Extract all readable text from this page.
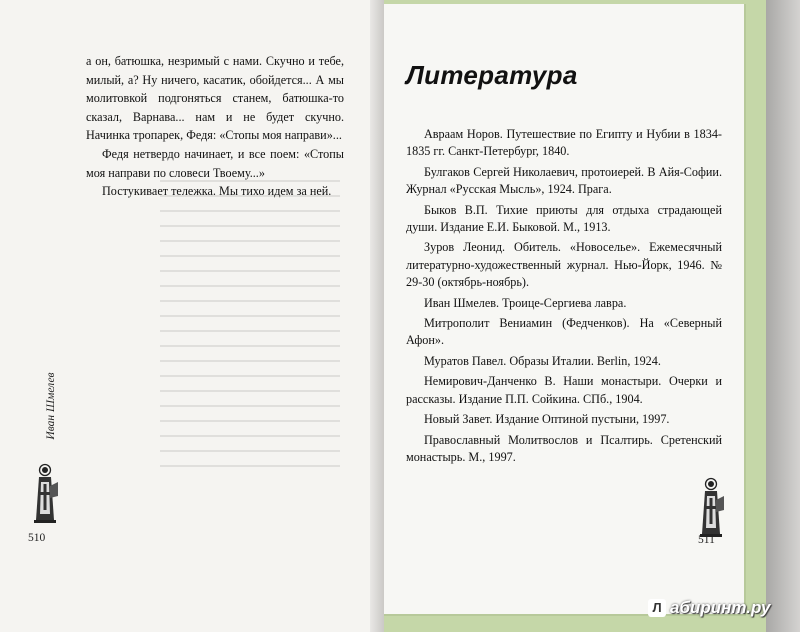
а он, батюшка, незримый с нами. Скучно и тебе, милый, а? Ну ничего, касатик, обойдется... А мы молитовкой подгоняться станем, батюшка-то сказал, Варнава... нам и не будет скучно. Начинка тропарек, Федя: «Стопы моя направи»...

Федя нетвердо начинает, и все поем: «Стопы моя направи по словеси Твоему...»

Постукивает тележка. Мы тихо идем за ней.

Иван Шмелев
510
Литература

Авраам Норов. Путешествие по Египту и Нубии в 1834-1835 гг. Санкт-Петербург, 1840.

Булгаков Сергей Николаевич, протоиерей. В Айя-Софии. Журнал «Русская Мысль», 1924. Прага.

Быков В.П. Тихие приюты для отдыха страдающей души. Издание Е.И. Быковой. М., 1913.

Зуров Леонид. Обитель. «Новоселье». Ежемесячный литературно-художественный журнал. Нью-Йорк, 1946. № 29-30 (октябрь-ноябрь).

Иван Шмелев. Троице-Сергиева лавра.

Митрополит Вениамин (Федченков). На «Северный Афон».

Муратов Павел. Образы Италии. Berlin, 1924.

Немирович-Данченко В. Наши монастыри. Очерки и рассказы. Издание П.П. Сойкина. СПб., 1904.

Новый Завет. Издание Оптиной пустыни, 1997.

Православный Молитвослов и Псалтирь. Сретенский монастырь. М., 1997.

511
Л абиринт.ру
